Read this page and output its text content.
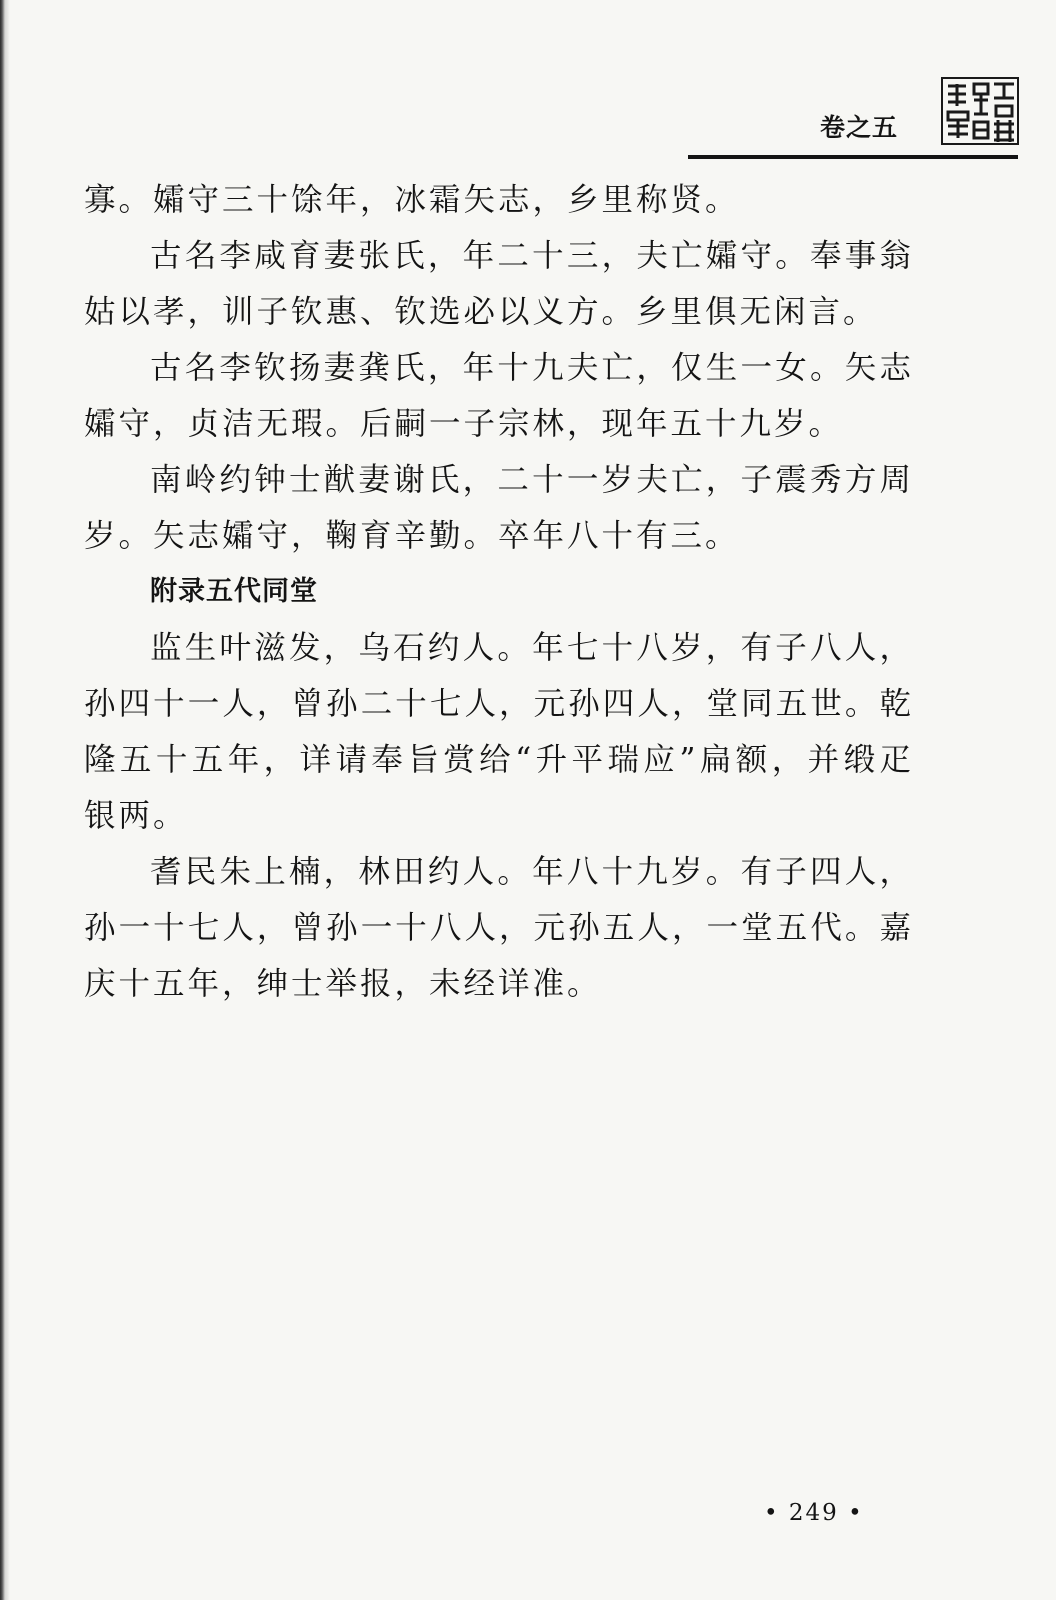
卷之五

寡。孀守三十馀年，冰霜矢志，乡里称贤。

古名李咸育妻张氏，年二十三，夫亡孀守。奉事翁姑以孝，训子钦惠、钦选必以义方。乡里俱无闲言。

古名李钦扬妻龚氏，年十九夫亡，仅生一女。矢志孀守，贞洁无瑕。后嗣一子宗林，现年五十九岁。

南岭约钟士猷妻谢氏，二十一岁夫亡，子震秀方周岁。矢志孀守，鞠育辛勤。卒年八十有三。

附录五代同堂

监生叶滋发，乌石约人。年七十八岁，有子八人，孙四十一人，曾孙二十七人，元孙四人，堂同五世。乾隆五十五年，详请奉旨赏给“升平瑞应”扁额，并缎疋银两。

耆民朱上楠，林田约人。年八十九岁。有子四人，孙一十七人，曾孙一十八人，元孙五人，一堂五代。嘉庆十五年，绅士举报，未经详准。

• 249 •
